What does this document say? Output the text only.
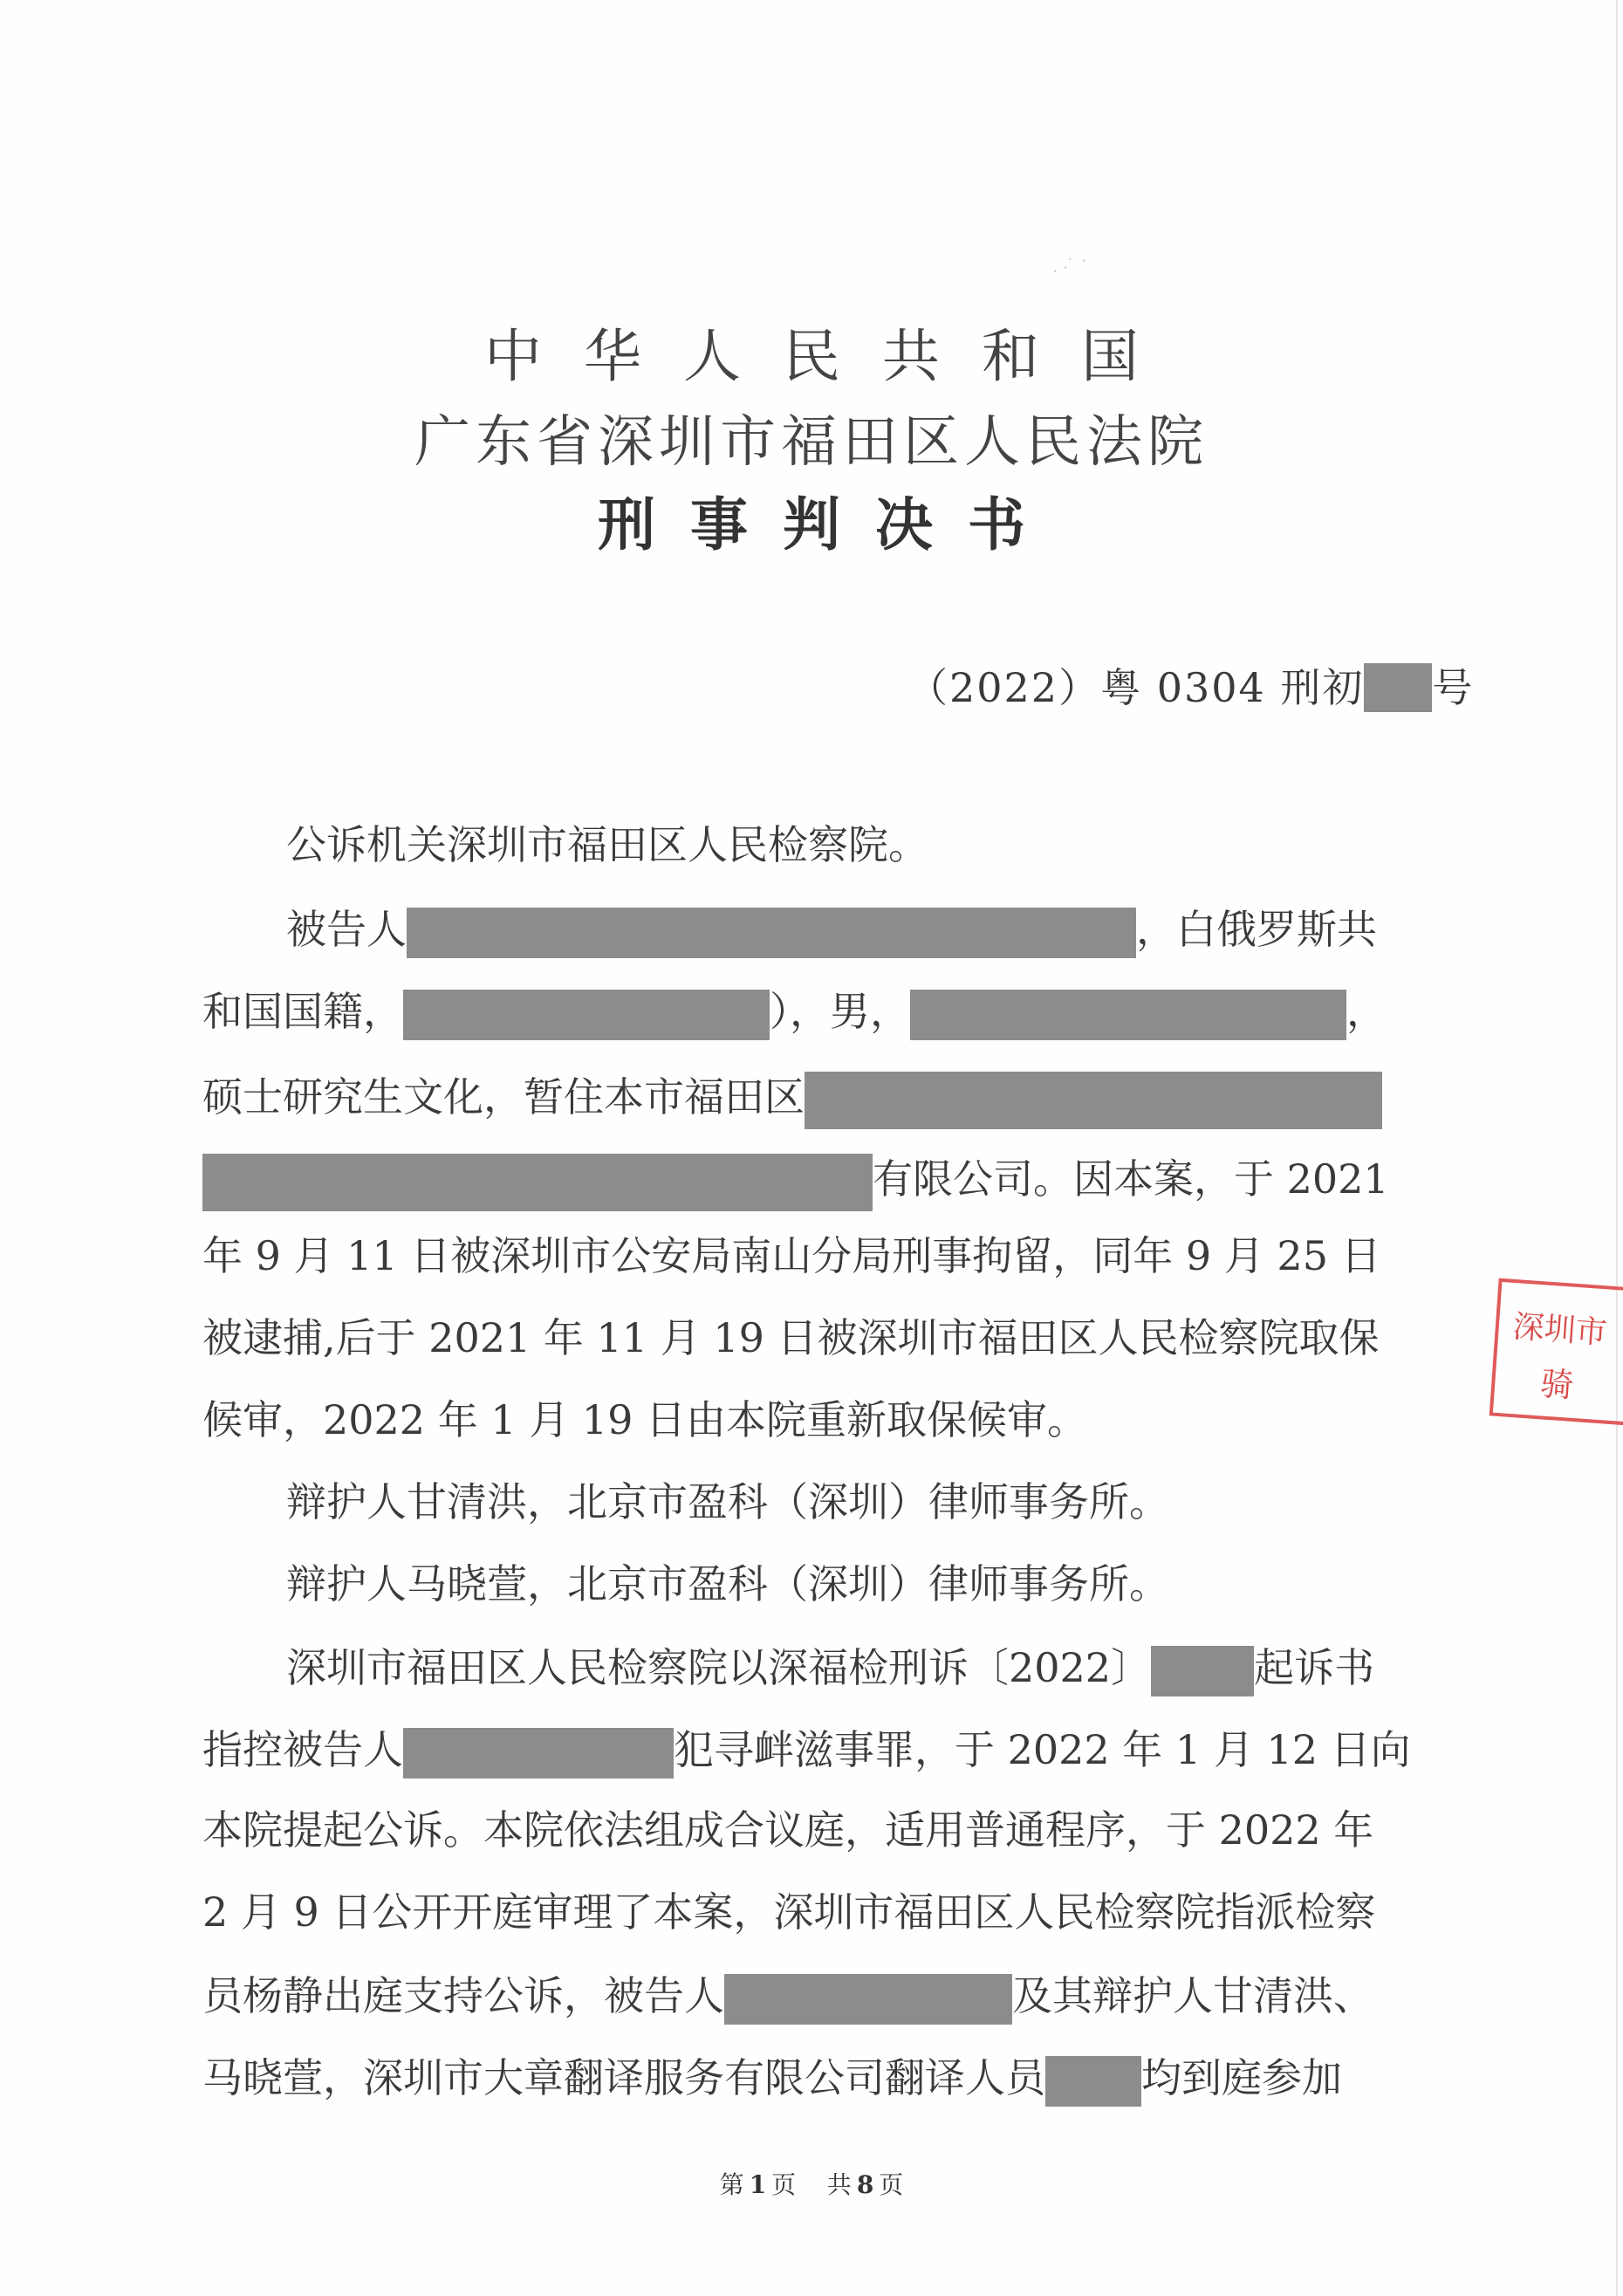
· ·˙ ·
中华人民共和国
广东省深圳市福田区人民法院
刑事判决书
（2022）粤 0304 刑初 号
公诉机关深圳市福田区人民检察院。
被告人	，白俄罗斯共
和国国籍，	），男，	，
硕士研究生文化，暂住本市福田区
有限公司。因本案，于 2021
年 9 月 11 日被深圳市公安局南山分局刑事拘留，同年 9 月 25 日
被逮捕,后于 2021 年 11 月 19 日被深圳市福田区人民检察院取保
候审，2022 年 1 月 19 日由本院重新取保候审。
辩护人甘清洪，北京市盈科（深圳）律师事务所。
辩护人马晓萱，北京市盈科（深圳）律师事务所。
深圳市福田区人民检察院以深福检刑诉〔2022〕	起诉书
指控被告人	犯寻衅滋事罪，于 2022 年 1 月 12 日向
本院提起公诉。本院依法组成合议庭，适用普通程序，于 2022 年
2 月 9 日公开开庭审理了本案，深圳市福田区人民检察院指派检察
员杨静出庭支持公诉，被告人	及其辩护人甘清洪、
马晓萱，深圳市大章翻译服务有限公司翻译人员 均到庭参加
深圳市
骑
第 1 页 共 8 页
